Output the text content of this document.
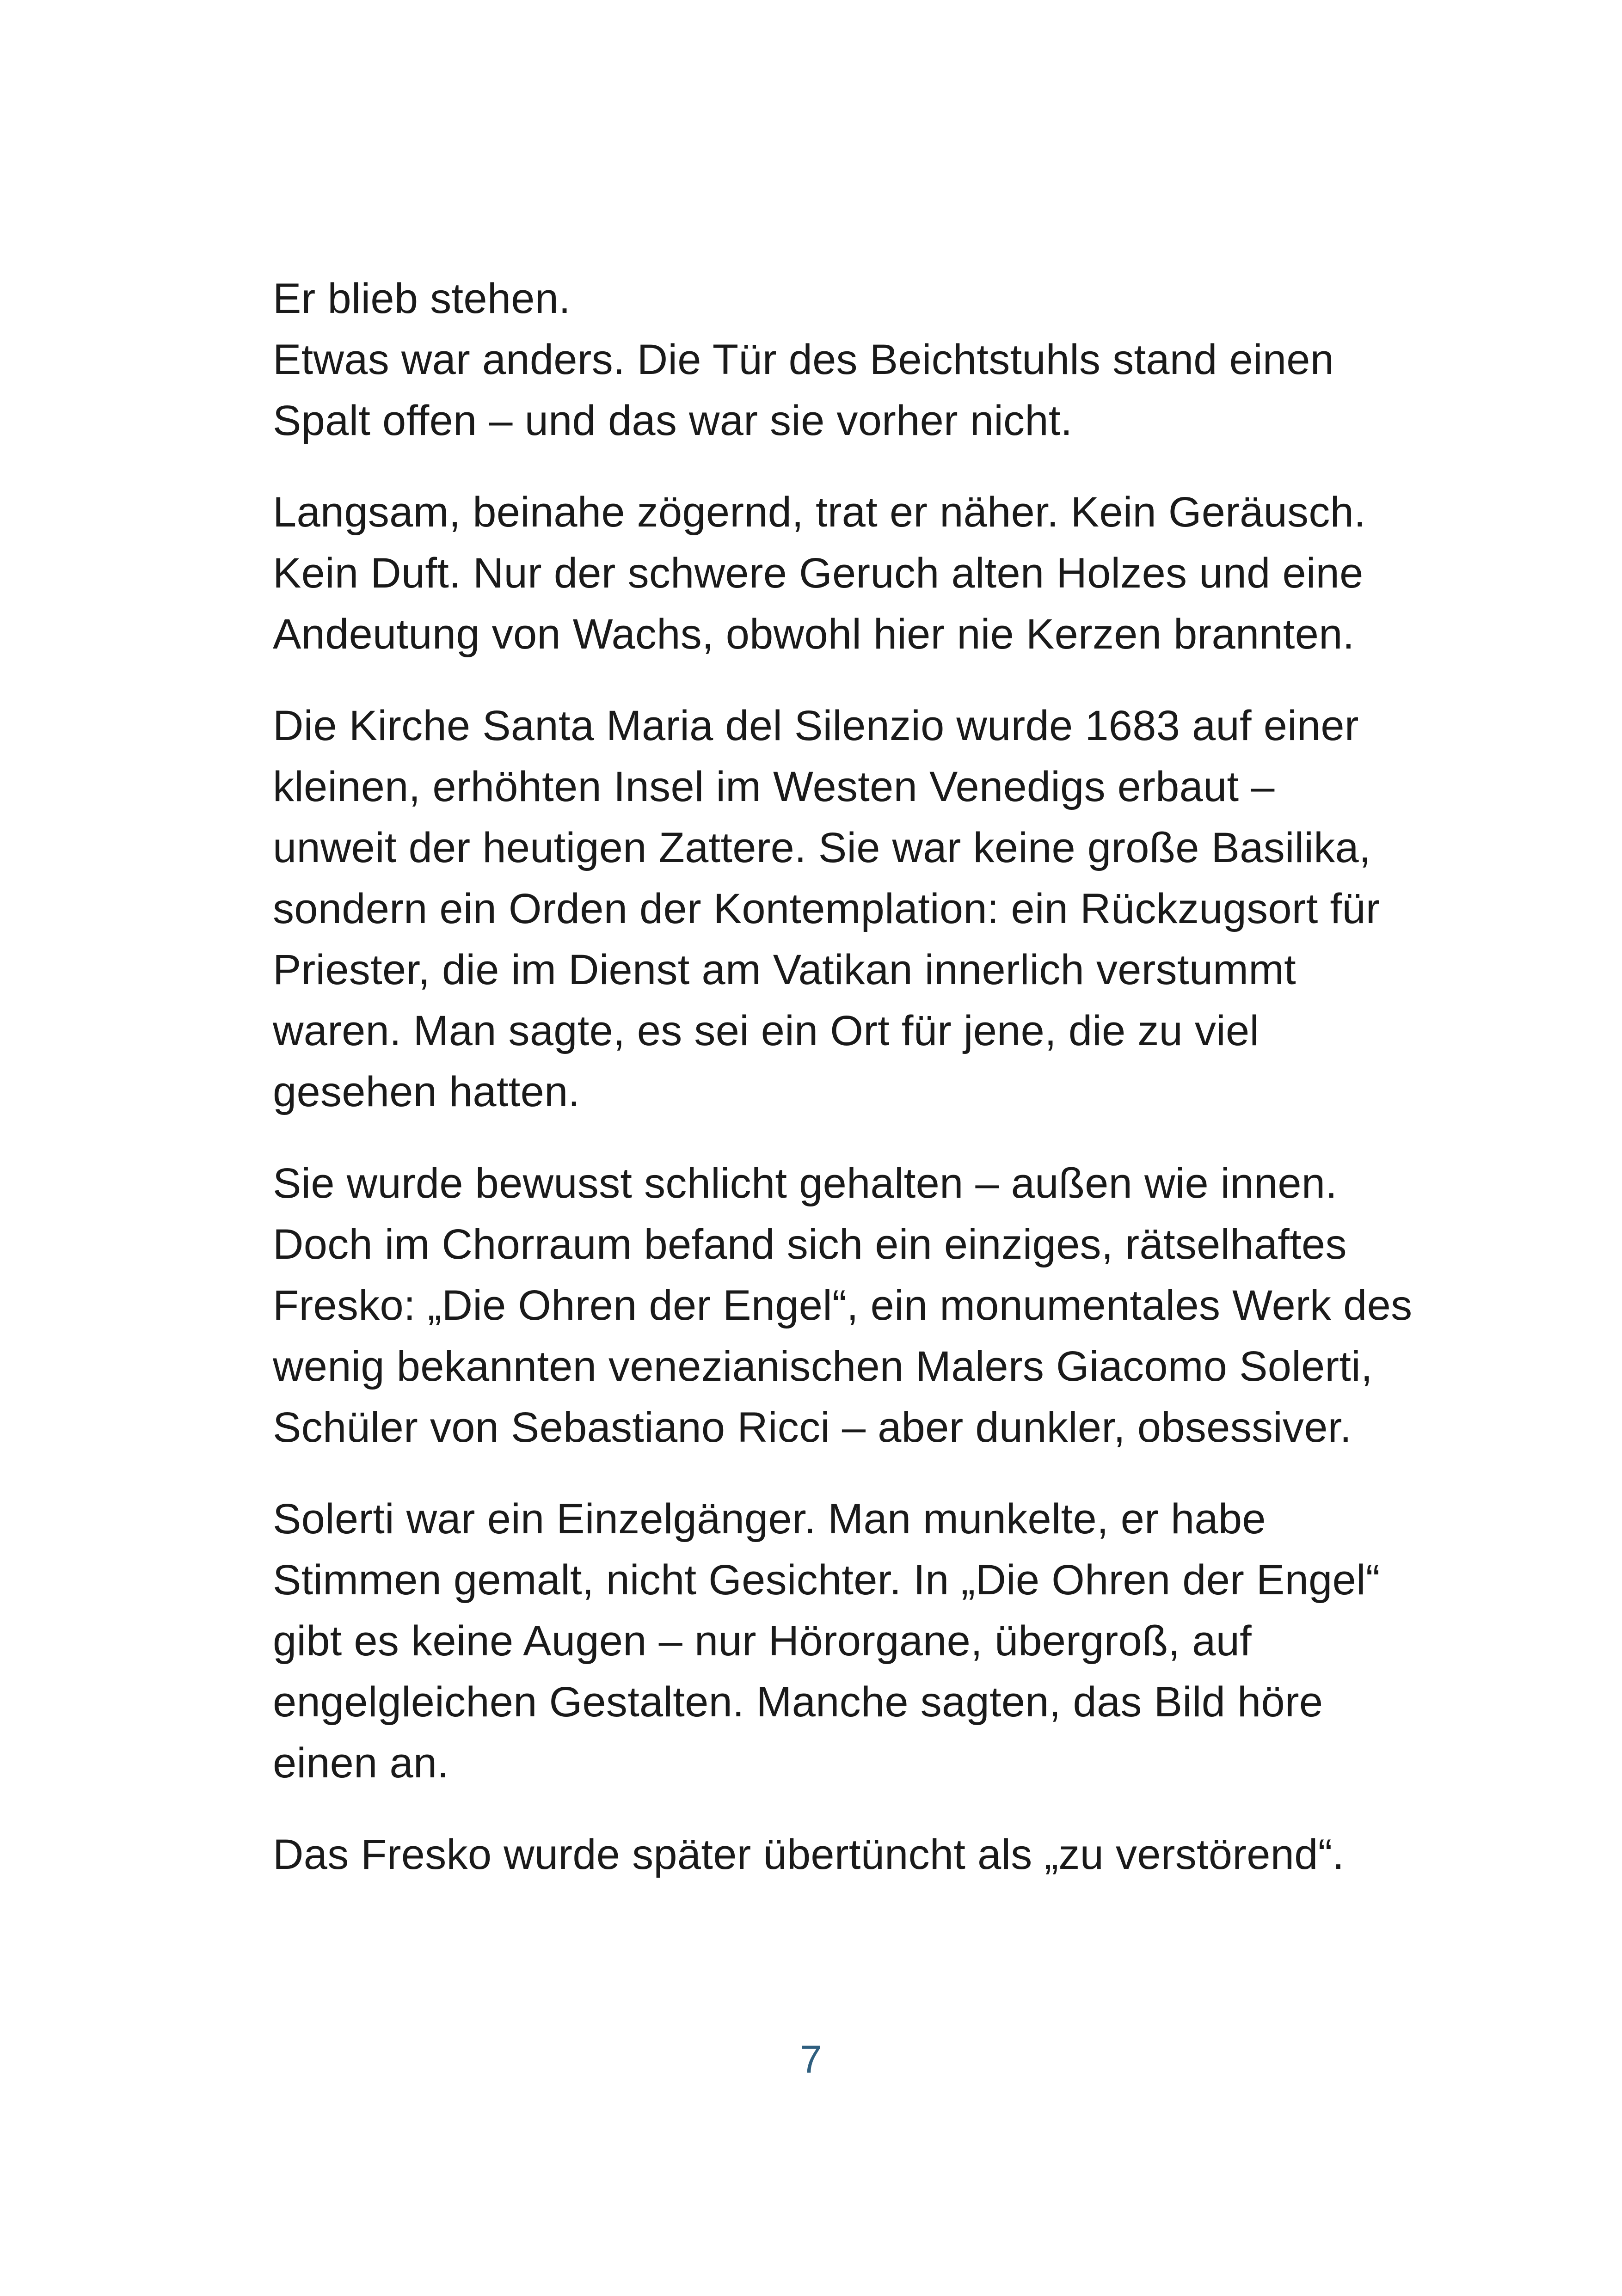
Er blieb stehen.
Etwas war anders. Die Tür des Beichtstuhls stand einen
Spalt offen – und das war sie vorher nicht.

Langsam, beinahe zögernd, trat er näher. Kein Geräusch.
Kein Duft. Nur der schwere Geruch alten Holzes und eine
Andeutung von Wachs, obwohl hier nie Kerzen brannten.

Die Kirche Santa Maria del Silenzio wurde 1683 auf einer
kleinen, erhöhten Insel im Westen Venedigs erbaut –
unweit der heutigen Zattere. Sie war keine große Basilika,
sondern ein Orden der Kontemplation: ein Rückzugsort für
Priester, die im Dienst am Vatikan innerlich verstummt
waren. Man sagte, es sei ein Ort für jene, die zu viel
gesehen hatten.

Sie wurde bewusst schlicht gehalten – außen wie innen.
Doch im Chorraum befand sich ein einziges, rätselhaftes
Fresko: „Die Ohren der Engel“, ein monumentales Werk des
wenig bekannten venezianischen Malers Giacomo Solerti,
Schüler von Sebastiano Ricci – aber dunkler, obsessiver.

Solerti war ein Einzelgänger. Man munkelte, er habe
Stimmen gemalt, nicht Gesichter. In „Die Ohren der Engel“
gibt es keine Augen – nur Hörorgane, übergroß, auf
engelgleichen Gestalten. Manche sagten, das Bild höre
einen an.

Das Fresko wurde später übertüncht als „zu verstörend“.

7
